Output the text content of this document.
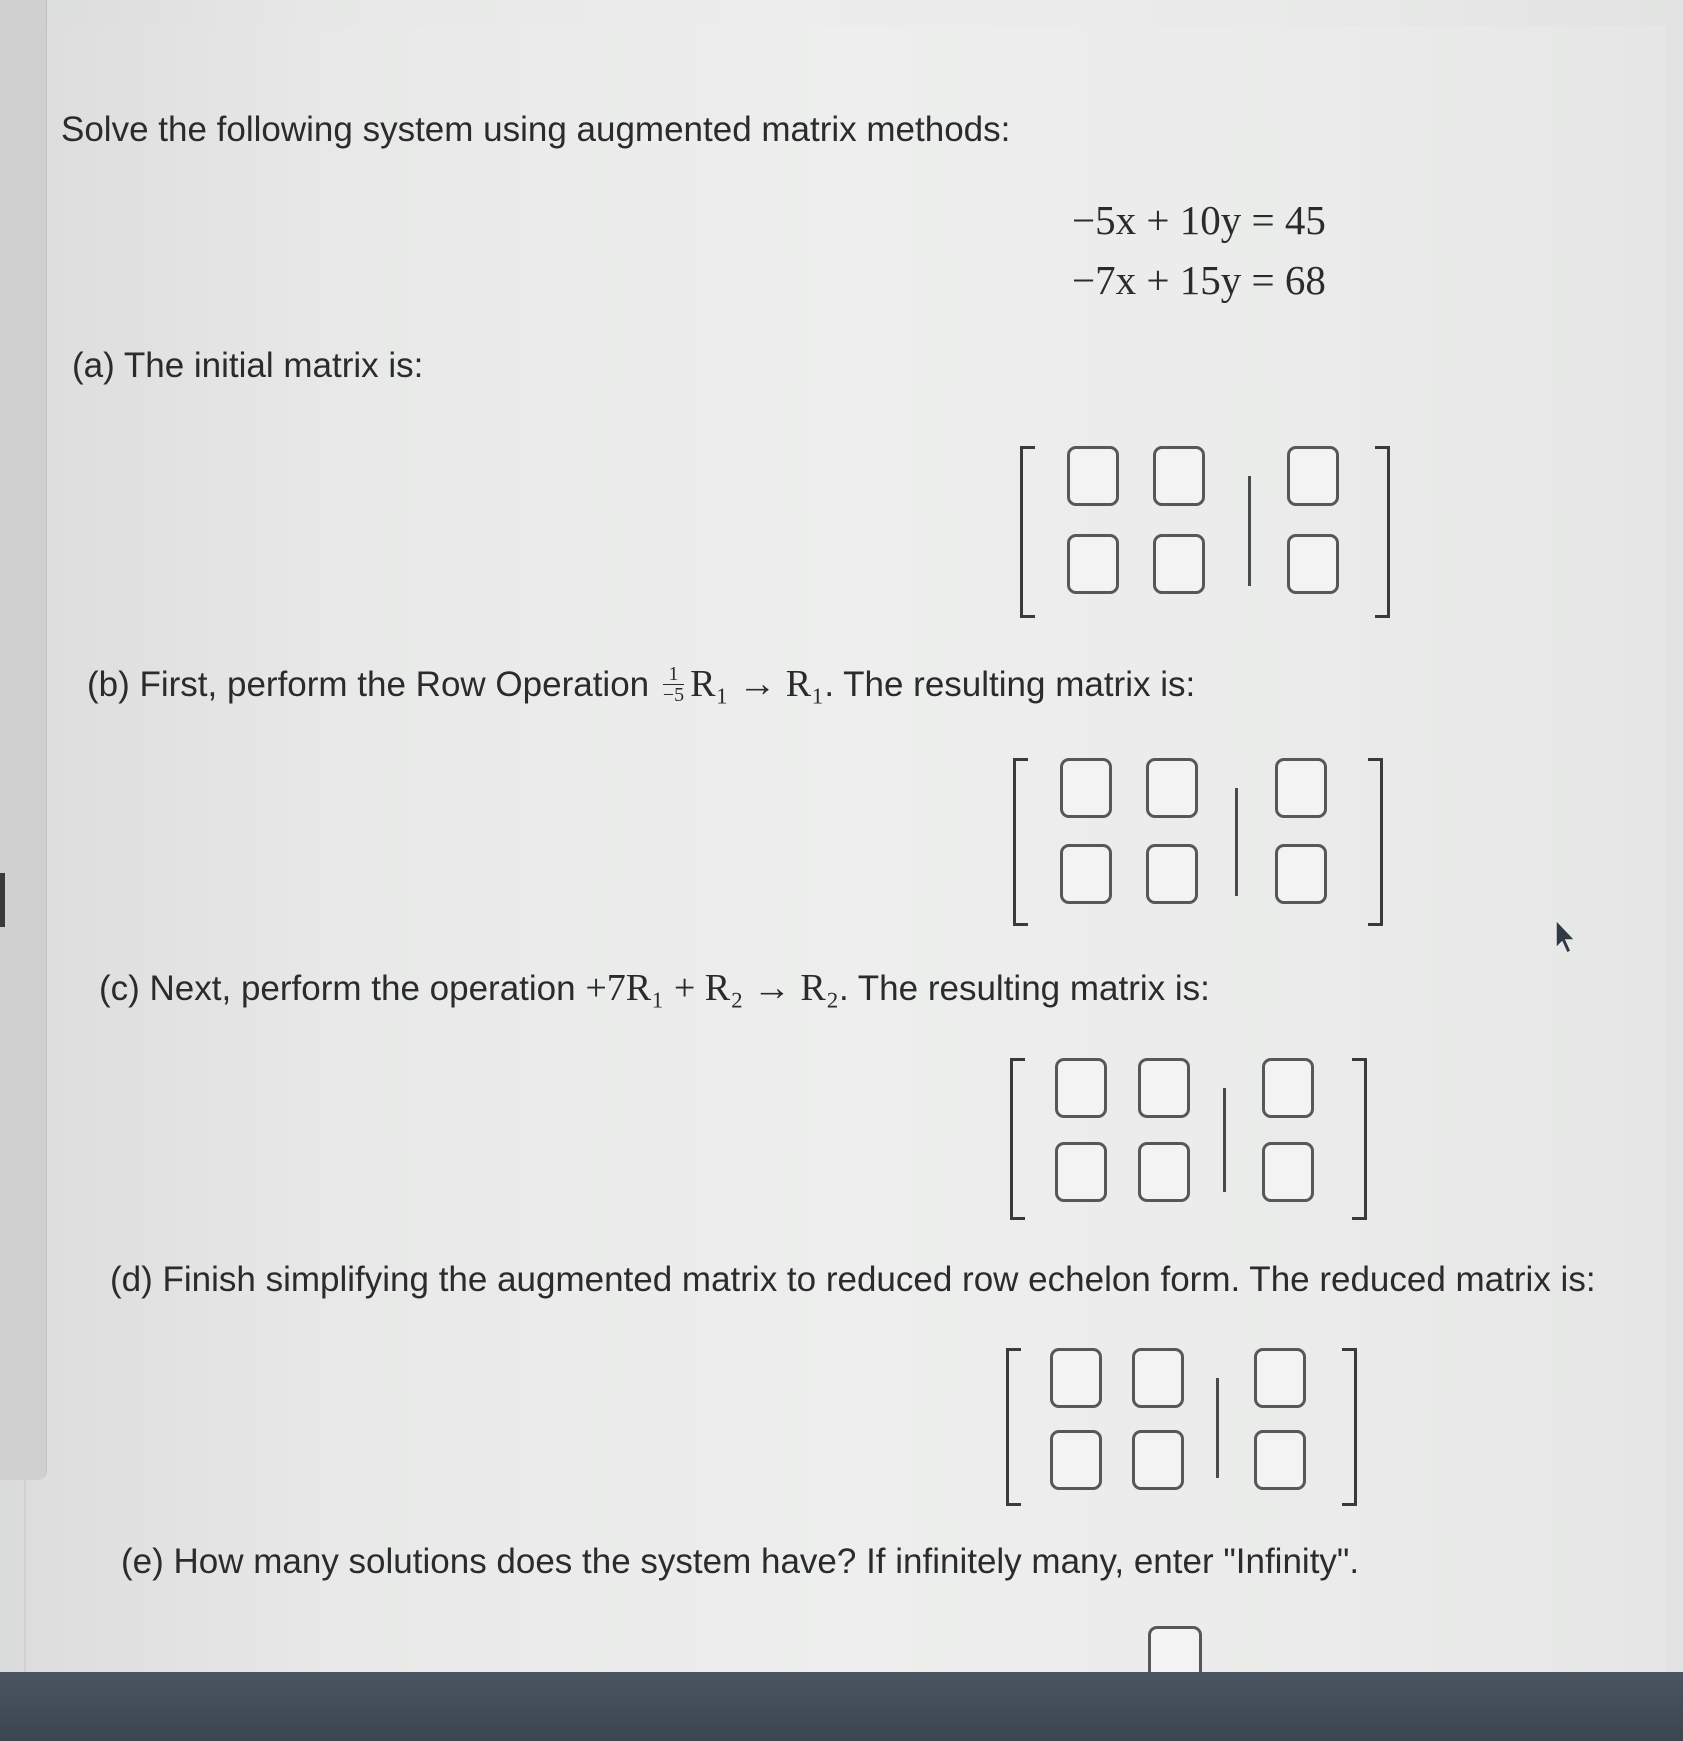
Solve the following system using augmented matrix methods:
−5x + 10y = 45
−7x + 15y = 68
(a) The initial matrix is:
(b) First, perform the Row Operation $\frac{1}{-5} R_1 \to R_1$. The resulting matrix is:
(c) Next, perform the operation +7R₁ + R₂ → R₂. The resulting matrix is:
(d) Finish simplifying the augmented matrix to reduced row echelon form. The reduced matrix is:
(e) How many solutions does the system have? If infinitely many, enter "Infinity".
